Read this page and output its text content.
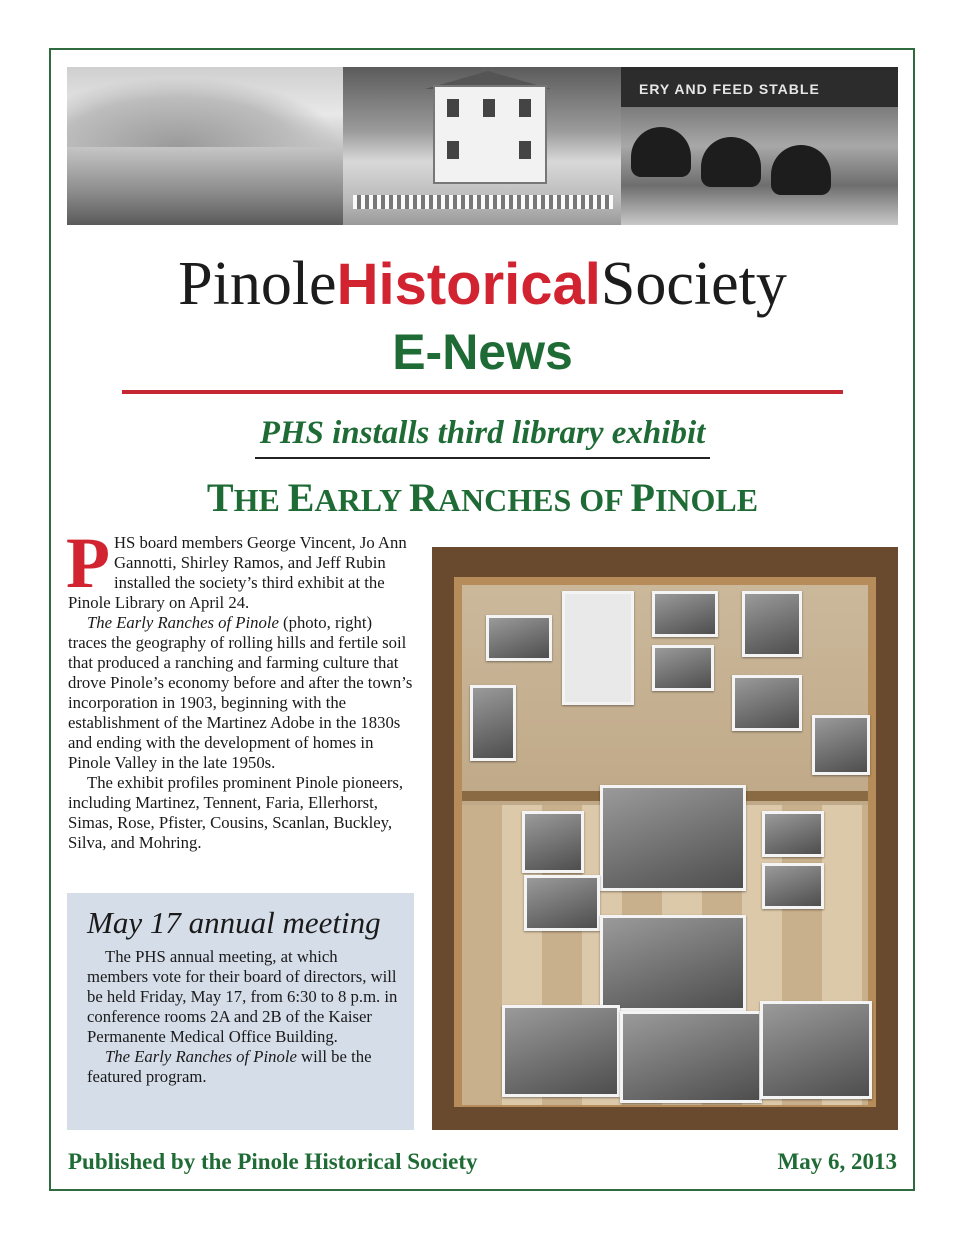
ERY AND FEED STABLE
PinoleHistoricalSociety
E-News
PHS installs third library exhibit
THE EARLY RANCHES OF PINOLE
P HS board members George Vincent, Jo Ann Gannotti, Shirley Ramos, and Jeff Rubin installed the society’s third exhibit at the Pinole Library on April 24.

The Early Ranches of Pinole (photo, right) traces the geography of rolling hills and fertile soil that produced a ranching and farming culture that drove Pinole’s economy before and after the town’s incorporation in 1903, beginning with the establishment of the Martinez Adobe in the 1830s and ending with the development of homes in Pinole Valley in the late 1950s.

The exhibit profiles prominent Pinole pioneers, including Martinez, Tennent, Faria, Ellerhorst, Simas, Rose, Pfister, Cousins, Scanlan, Buckley, Silva, and Mohring.

May 17 annual meeting

The PHS annual meeting, at which members vote for their board of directors, will be held Friday, May 17, from 6:30 to 8 p.m. in conference rooms 2A and 2B of the Kaiser Permanente Medical Office Building.

The Early Ranches of Pinole will be the featured program.

Published by the Pinole Historical Society	May 6, 2013
